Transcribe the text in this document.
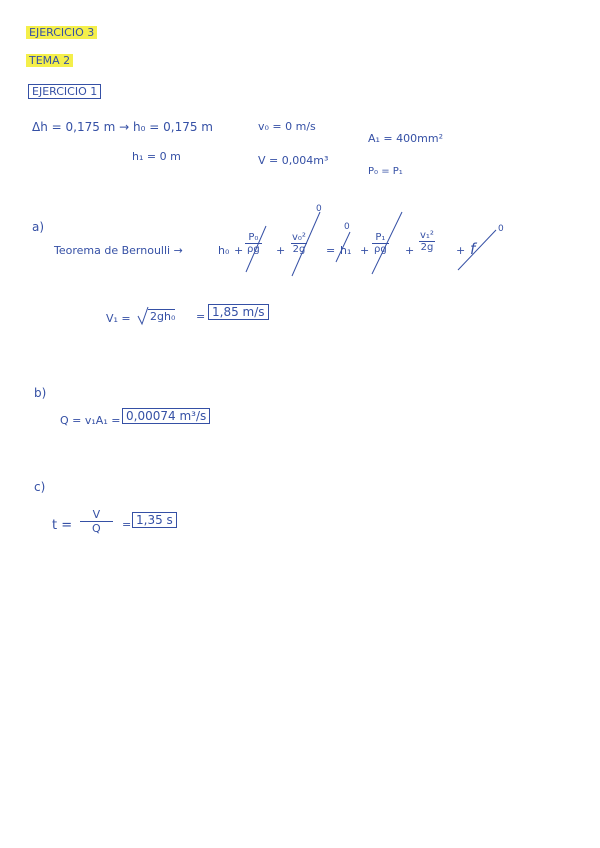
EJERCICIO 3
TEMA 2
EJERCICIO 1
Δh = 0,175 m → h₀ = 0,175 m	v₀ = 0 m/s
A₁ = 400mm²
h₁ = 0 m	V = 0,004m³
P₀ = P₁
a)
Teorema de Bernoulli →	$h_0 + \frac{\text{P₀}}{\rho g}$ +
0
$\frac{\text{v₀²}}{2g}$ =
0
$h_1 + \frac{\text{P₁}}{\rho g} + \frac{\text{v₁²}}{2g} + f$
0
V₁ = 2gh₀ = 1,85 m/s
b)
Q = v₁A₁ = 0,00074 m³/s
c)
$t = \frac{V}{Q} = 1,35$ s
